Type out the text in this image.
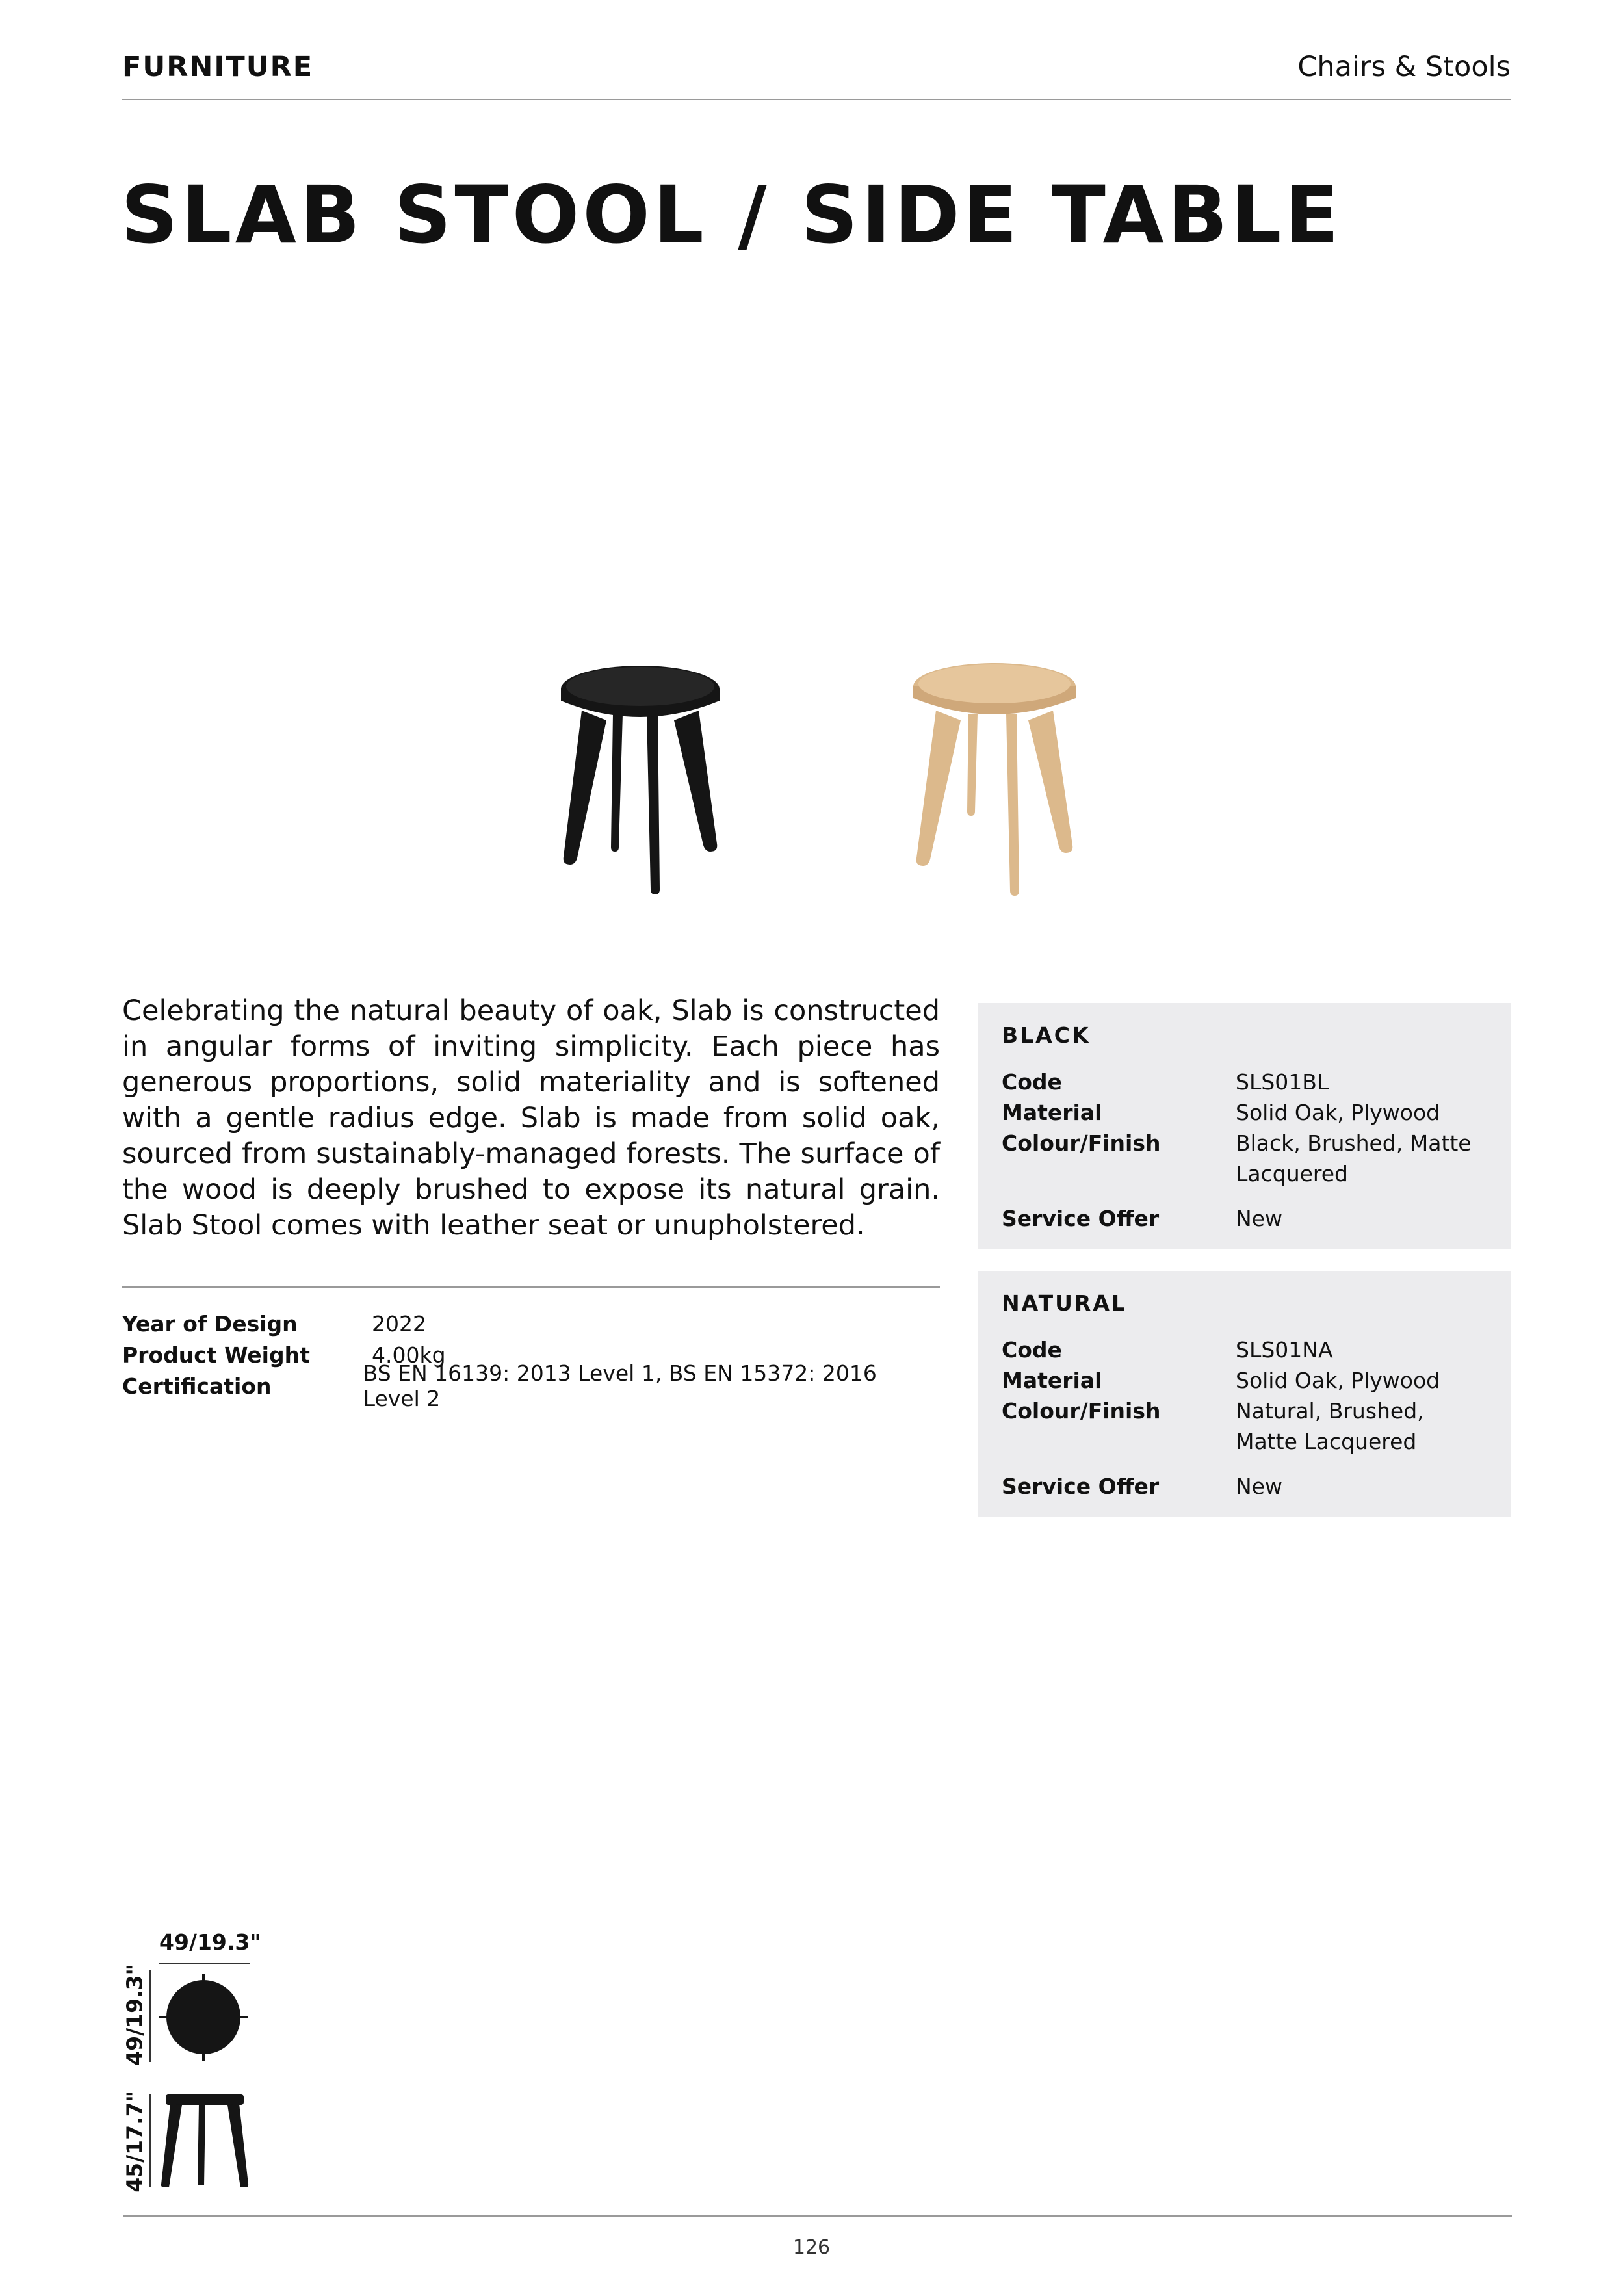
FURNITURE	Chairs & Stools
SLAB STOOL / SIDE TABLE
Celebrating the natural beauty of oak, Slab is constructed in angular forms of inviting simplicity. Each piece has generous proportions, solid materiality and is softened with a gentle radius edge. Slab is made from solid oak, sourced from sustainably-managed forests. The surface of the wood is deeply brushed to expose its natural grain. Slab Stool comes with leather seat or unupholstered.
Year of Design	2022
Product Weight	4.00kg
Certification	BS EN 16139: 2013 Level 1, BS EN 15372: 2016 Level 2
BLACK
Code	SLS01BL
Material	Solid Oak, Plywood
Colour/Finish	Black, Brushed, Matte Lacquered
Service Offer	New
NATURAL
Code	SLS01NA
Material	Solid Oak, Plywood
Colour/Finish	Natural, Brushed, Matte Lacquered
Service Offer	New
49/19.3"
49/19.3"
45/17.7"
126
